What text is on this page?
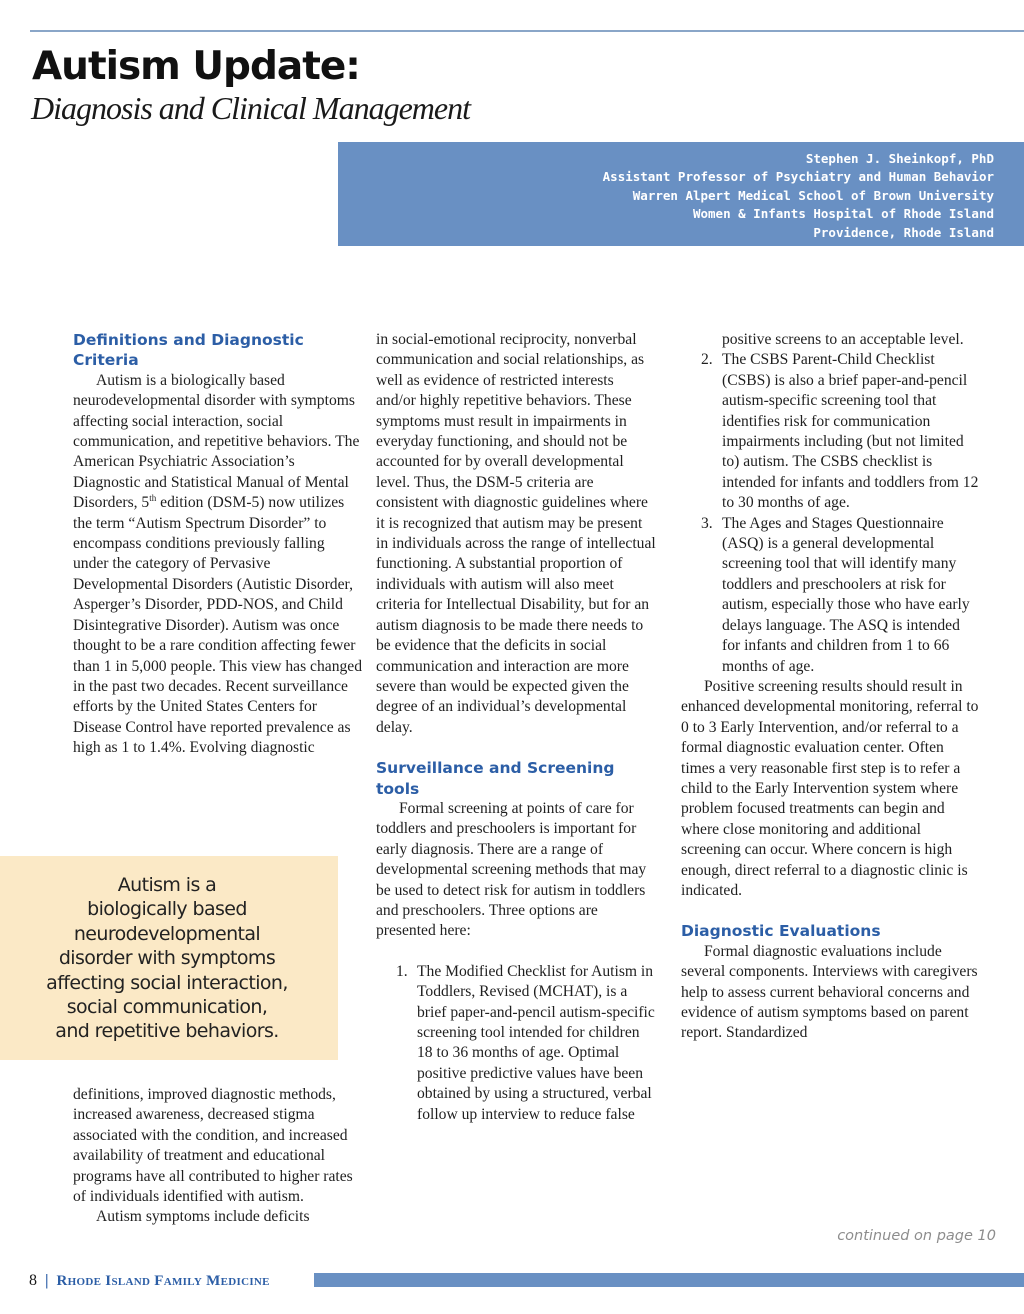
Autism Update:
Diagnosis and Clinical Management
Stephen J. Sheinkopf, PhD
Assistant Professor of Psychiatry and Human Behavior
Warren Alpert Medical School of Brown University
Women & Infants Hospital of Rhode Island
Providence, Rhode Island
Definitions and Diagnostic
Criteria

Autism is a biologically based neurodevelopmental disorder with symptoms affecting social interaction, social communication, and repetitive behaviors. The American Psychiatric Association’s Diagnostic and Statistical Manual of Mental Disorders, 5th edition (DSM-5) now utilizes the term “Autism Spectrum Disorder” to encompass conditions previously falling under the category of Pervasive Developmental Disorders (Autistic Disorder, Asperger’s Disorder, PDD-NOS, and Child Disintegrative Disorder). Autism was once thought to be a rare condition affecting fewer than 1 in 5,000 people. This view has changed in the past two decades. Recent surveillance efforts by the United States Centers for Disease Control have reported prevalence as high as 1 to 1.4%. Evolving diagnostic

Autism is a
biologically based
neurodevelopmental
disorder with symptoms
affecting social interaction,
social communication,
and repetitive behaviors.

definitions, improved diagnostic methods, increased awareness, decreased stigma associated with the condition, and increased availability of treatment and educational programs have all contributed to higher rates of individuals identified with autism.

Autism symptoms include deficits

in social-emotional reciprocity, nonverbal communication and social relationships, as well as evidence of restricted interests and/or highly repetitive behaviors. These symptoms must result in impairments in everyday functioning, and should not be accounted for by overall developmental level. Thus, the DSM-5 criteria are consistent with diagnostic guidelines where it is recognized that autism may be present in individuals across the range of intellectual functioning. A substantial proportion of individuals with autism will also meet criteria for Intellectual Disability, but for an autism diagnosis to be made there needs to be evidence that the deficits in social communication and interaction are more severe than would be expected given the degree of an individual’s developmental delay.

Surveillance and Screening
tools

Formal screening at points of care for toddlers and preschoolers is important for early diagnosis. There are a range of developmental screening methods that may be used to detect risk for autism in toddlers and preschoolers. Three options are presented here:

1. The Modified Checklist for Autism in Toddlers, Revised (MCHAT), is a brief paper-and-pencil autism-specific screening tool intended for children 18 to 36 months of age. Optimal positive predictive values have been obtained by using a structured, verbal follow up interview to reduce false

positive screens to an acceptable level.

2. The CSBS Parent-Child Checklist (CSBS) is also a brief paper-and-pencil autism-specific screening tool that identifies risk for communication impairments including (but not limited to) autism. The CSBS checklist is intended for infants and toddlers from 12 to 30 months of age.
3. The Ages and Stages Questionnaire (ASQ) is a general developmental screening tool that will identify many toddlers and preschoolers at risk for autism, especially those who have early delays language. The ASQ is intended for infants and children from 1 to 66 months of age.

Positive screening results should result in enhanced developmental monitoring, referral to 0 to 3 Early Intervention, and/or referral to a formal diagnostic evaluation center. Often times a very reasonable first step is to refer a child to the Early Intervention system where problem focused treatments can begin and where close monitoring and additional screening can occur. Where concern is high enough, direct referral to a diagnostic clinic is indicated.

Diagnostic Evaluations

Formal diagnostic evaluations include several components. Interviews with caregivers help to assess current behavioral concerns and evidence of autism symptoms based on parent report. Standardized

continued on page 10
8 | Rhode Island Family Medicine
